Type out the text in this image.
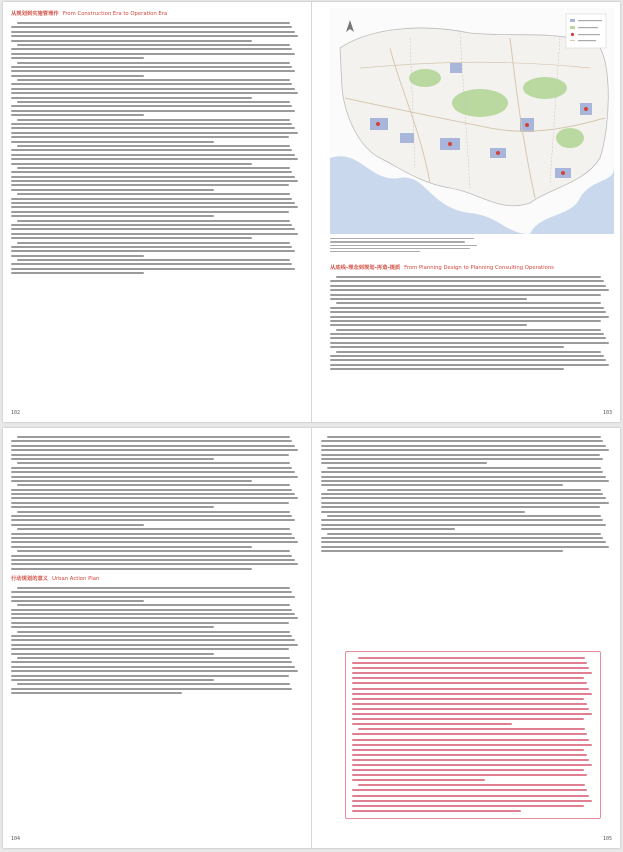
从规划到实施管理作 From Construction Era to Operation Era
102
从底线-理念到规划-再造-提质 From Planning Design to Planning Consulting Operations
103
行动规划的意义 Urban Action Plan
104	105
